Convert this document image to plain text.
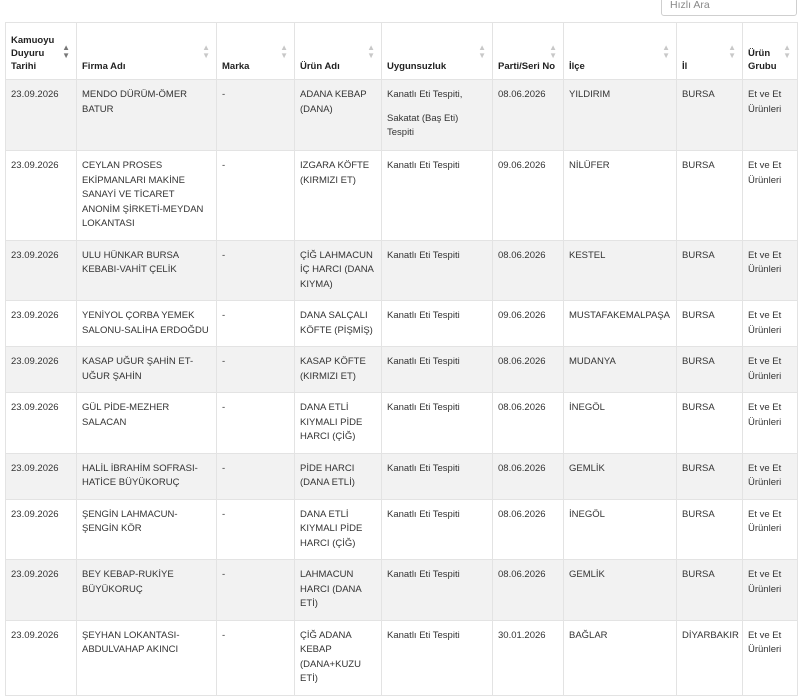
Hızlı Ara
Kamuoyu Duyuru Tarihi
▲
▼	Firma Adı
▲
▼	Marka
▲
▼	Ürün Adı
▲
▼	Uygunsuzluk
▲
▼	Parti/Seri No
▲
▼	İlçe
▲
▼	İl
▲
▼	Ürün Grubu
▲
▼

23.09.2026	MENDO DÜRÜM-ÖMER BATUR	-	ADANA KEBAP (DANA)	Kanatlı Eti Tespiti,
Sakatat (Baş Eti) Tespiti	08.06.2026	YILDIRIM	BURSA	Et ve Et Ürünleri
23.09.2026	CEYLAN PROSES EKİPMANLARI MAKİNE SANAYİ VE TİCARET ANONİM ŞİRKETİ-MEYDAN LOKANTASI	-	IZGARA KÖFTE (KIRMIZI ET)	Kanatlı Eti Tespiti	09.06.2026	NİLÜFER	BURSA	Et ve Et Ürünleri
23.09.2026	ULU HÜNKAR BURSA KEBABI-VAHİT ÇELİK	-	ÇİĞ LAHMACUN İÇ HARCI (DANA KIYMA)	Kanatlı Eti Tespiti	08.06.2026	KESTEL	BURSA	Et ve Et Ürünleri
23.09.2026	YENİYOL ÇORBA YEMEK SALONU-SALİHA ERDOĞDU	-	DANA SALÇALI KÖFTE (PİŞMİŞ)	Kanatlı Eti Tespiti	09.06.2026	MUSTAFAKEMALPAŞA	BURSA	Et ve Et Ürünleri
23.09.2026	KASAP UĞUR ŞAHİN ET-UĞUR ŞAHİN	-	KASAP KÖFTE (KIRMIZI ET)	Kanatlı Eti Tespiti	08.06.2026	MUDANYA	BURSA	Et ve Et Ürünleri
23.09.2026	GÜL PİDE-MEZHER SALACAN	-	DANA ETLİ KIYMALI PİDE HARCI (ÇİĞ)	Kanatlı Eti Tespiti	08.06.2026	İNEGÖL	BURSA	Et ve Et Ürünleri
23.09.2026	HALİL İBRAHİM SOFRASI-HATİCE BÜYÜKORUÇ	-	PİDE HARCI (DANA ETLİ)	Kanatlı Eti Tespiti	08.06.2026	GEMLİK	BURSA	Et ve Et Ürünleri
23.09.2026	ŞENGİN LAHMACUN-ŞENGİN KÖR	-	DANA ETLİ KIYMALI PİDE HARCI (ÇİĞ)	Kanatlı Eti Tespiti	08.06.2026	İNEGÖL	BURSA	Et ve Et Ürünleri
23.09.2026	BEY KEBAP-RUKİYE BÜYÜKORUÇ	-	LAHMACUN HARCI (DANA ETİ)	Kanatlı Eti Tespiti	08.06.2026	GEMLİK	BURSA	Et ve Et Ürünleri
23.09.2026	ŞEYHAN LOKANTASI-ABDULVAHAP AKINCI	-	ÇİĞ ADANA KEBAP (DANA+KUZU ETİ)	Kanatlı Eti Tespiti	30.01.2026	BAĞLAR	DİYARBAKIR	Et ve Et Ürünleri
